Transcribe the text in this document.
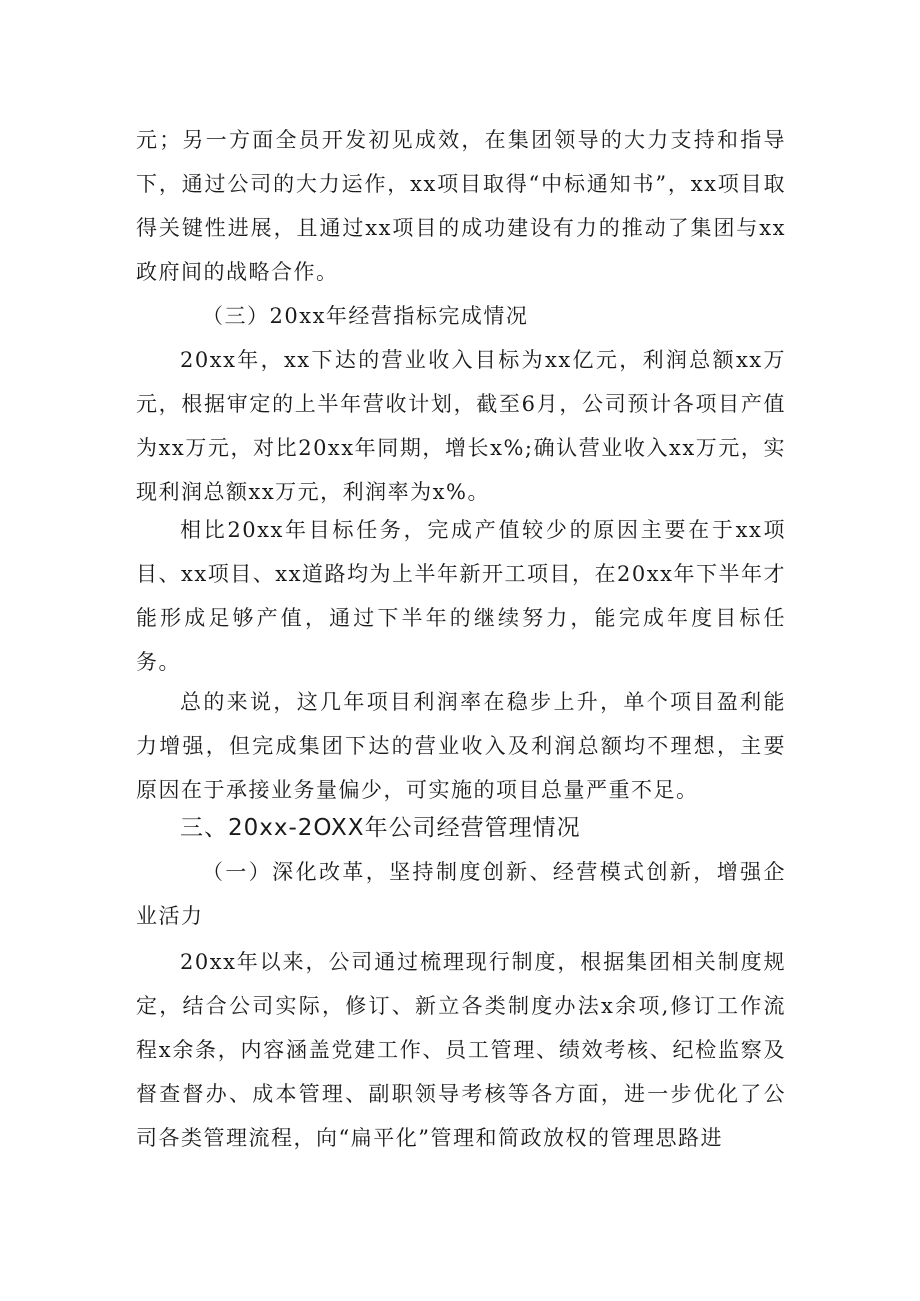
元；另一方面全员开发初见成效，在集团领导的大力支持和指导下，通过公司的大力运作，xx项目取得“中标通知书”，xx项目取得关键性进展，且通过xx项目的成功建设有力的推动了集团与xx政府间的战略合作。

（三）20xx年经营指标完成情况

20xx年，xx下达的营业收入目标为xx亿元，利润总额xx万元，根据审定的上半年营收计划，截至6月，公司预计各项目产值为xx万元，对比20xx年同期，增长x%;确认营业收入xx万元，实现利润总额xx万元，利润率为x%。

相比20xx年目标任务，完成产值较少的原因主要在于xx项目、xx项目、xx道路均为上半年新开工项目，在20xx年下半年才能形成足够产值，通过下半年的继续努力，能完成年度目标任务。

总的来说，这几年项目利润率在稳步上升，单个项目盈利能力增强，但完成集团下达的营业收入及利润总额均不理想，主要原因在于承接业务量偏少，可实施的项目总量严重不足。

三、20xx-2OXX年公司经营管理情况

（一）深化改革，坚持制度创新、经营模式创新，增强企业活力

20xx年以来，公司通过梳理现行制度，根据集团相关制度规定，结合公司实际，修订、新立各类制度办法x余项,修订工作流程x余条，内容涵盖党建工作、员工管理、绩效考核、纪检监察及督查督办、成本管理、副职领导考核等各方面，进一步优化了公司各类管理流程，向“扁平化”管理和简政放权的管理思路进
